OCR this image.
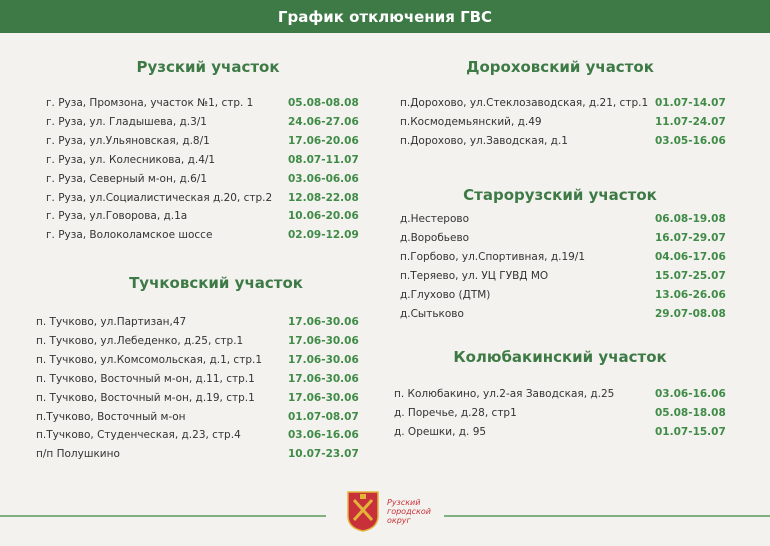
График отключения ГВС
Рузский участок
г. Руза, Промзона, участок №1, стр. 1	05.08-08.08
г. Руза, ул. Гладышева, д.3/1	24.06-27.06
г. Руза, ул.Ульяновская, д.8/1	17.06-20.06
г. Руза, ул. Колесникова, д.4/1	08.07-11.07
г. Руза, Северный м-он, д.6/1	03.06-06.06
г. Руза, ул.Социалистическая д.20, стр.2 12.08-22.08
г. Руза, ул.Говорова, д.1а	10.06-20.06
г. Руза, Волоколамское шоссе	02.09-12.09
Тучковский участок
п. Тучково, ул.Партизан,47	17.06-30.06
п. Тучково, ул.Лебеденко, д.25, стр.1	17.06-30.06
п. Тучково, ул.Комсомольская, д.1, стр.1 17.06-30.06
п. Тучково, Восточный м-он, д.11, стр.1	17.06-30.06
п. Тучково, Восточный м-он, д.19, стр.1	17.06-30.06
п.Тучково, Восточный м-он	01.07-08.07
п.Тучково, Студенческая, д.23, стр.4	03.06-16.06
п/п Полушкино	10.07-23.07
Дороховский участок
п.Дорохово, ул.Стеклозаводская, д.21, стр.1 01.07-14.07
п.Космодемьянский, д.49	11.07-24.07
п.Дорохово, ул.Заводская, д.1	03.05-16.06
Старорузский участок
д.Нестерово	06.08-19.08
д.Воробьево	16.07-29.07
п.Горбово, ул.Спортивная, д.19/1	04.06-17.06
п.Теряево, ул. УЦ ГУВД МО	15.07-25.07
д.Глухово (ДТМ)	13.06-26.06
д.Сытьково	29.07-08.08
Колюбакинский участок
п. Колюбакино, ул.2-ая Заводская, д.25	03.06-16.06
д. Поречье, д.28, стр1	05.08-18.08
д. Орешки, д. 95	01.07-15.07
Рузский
городской
округ
